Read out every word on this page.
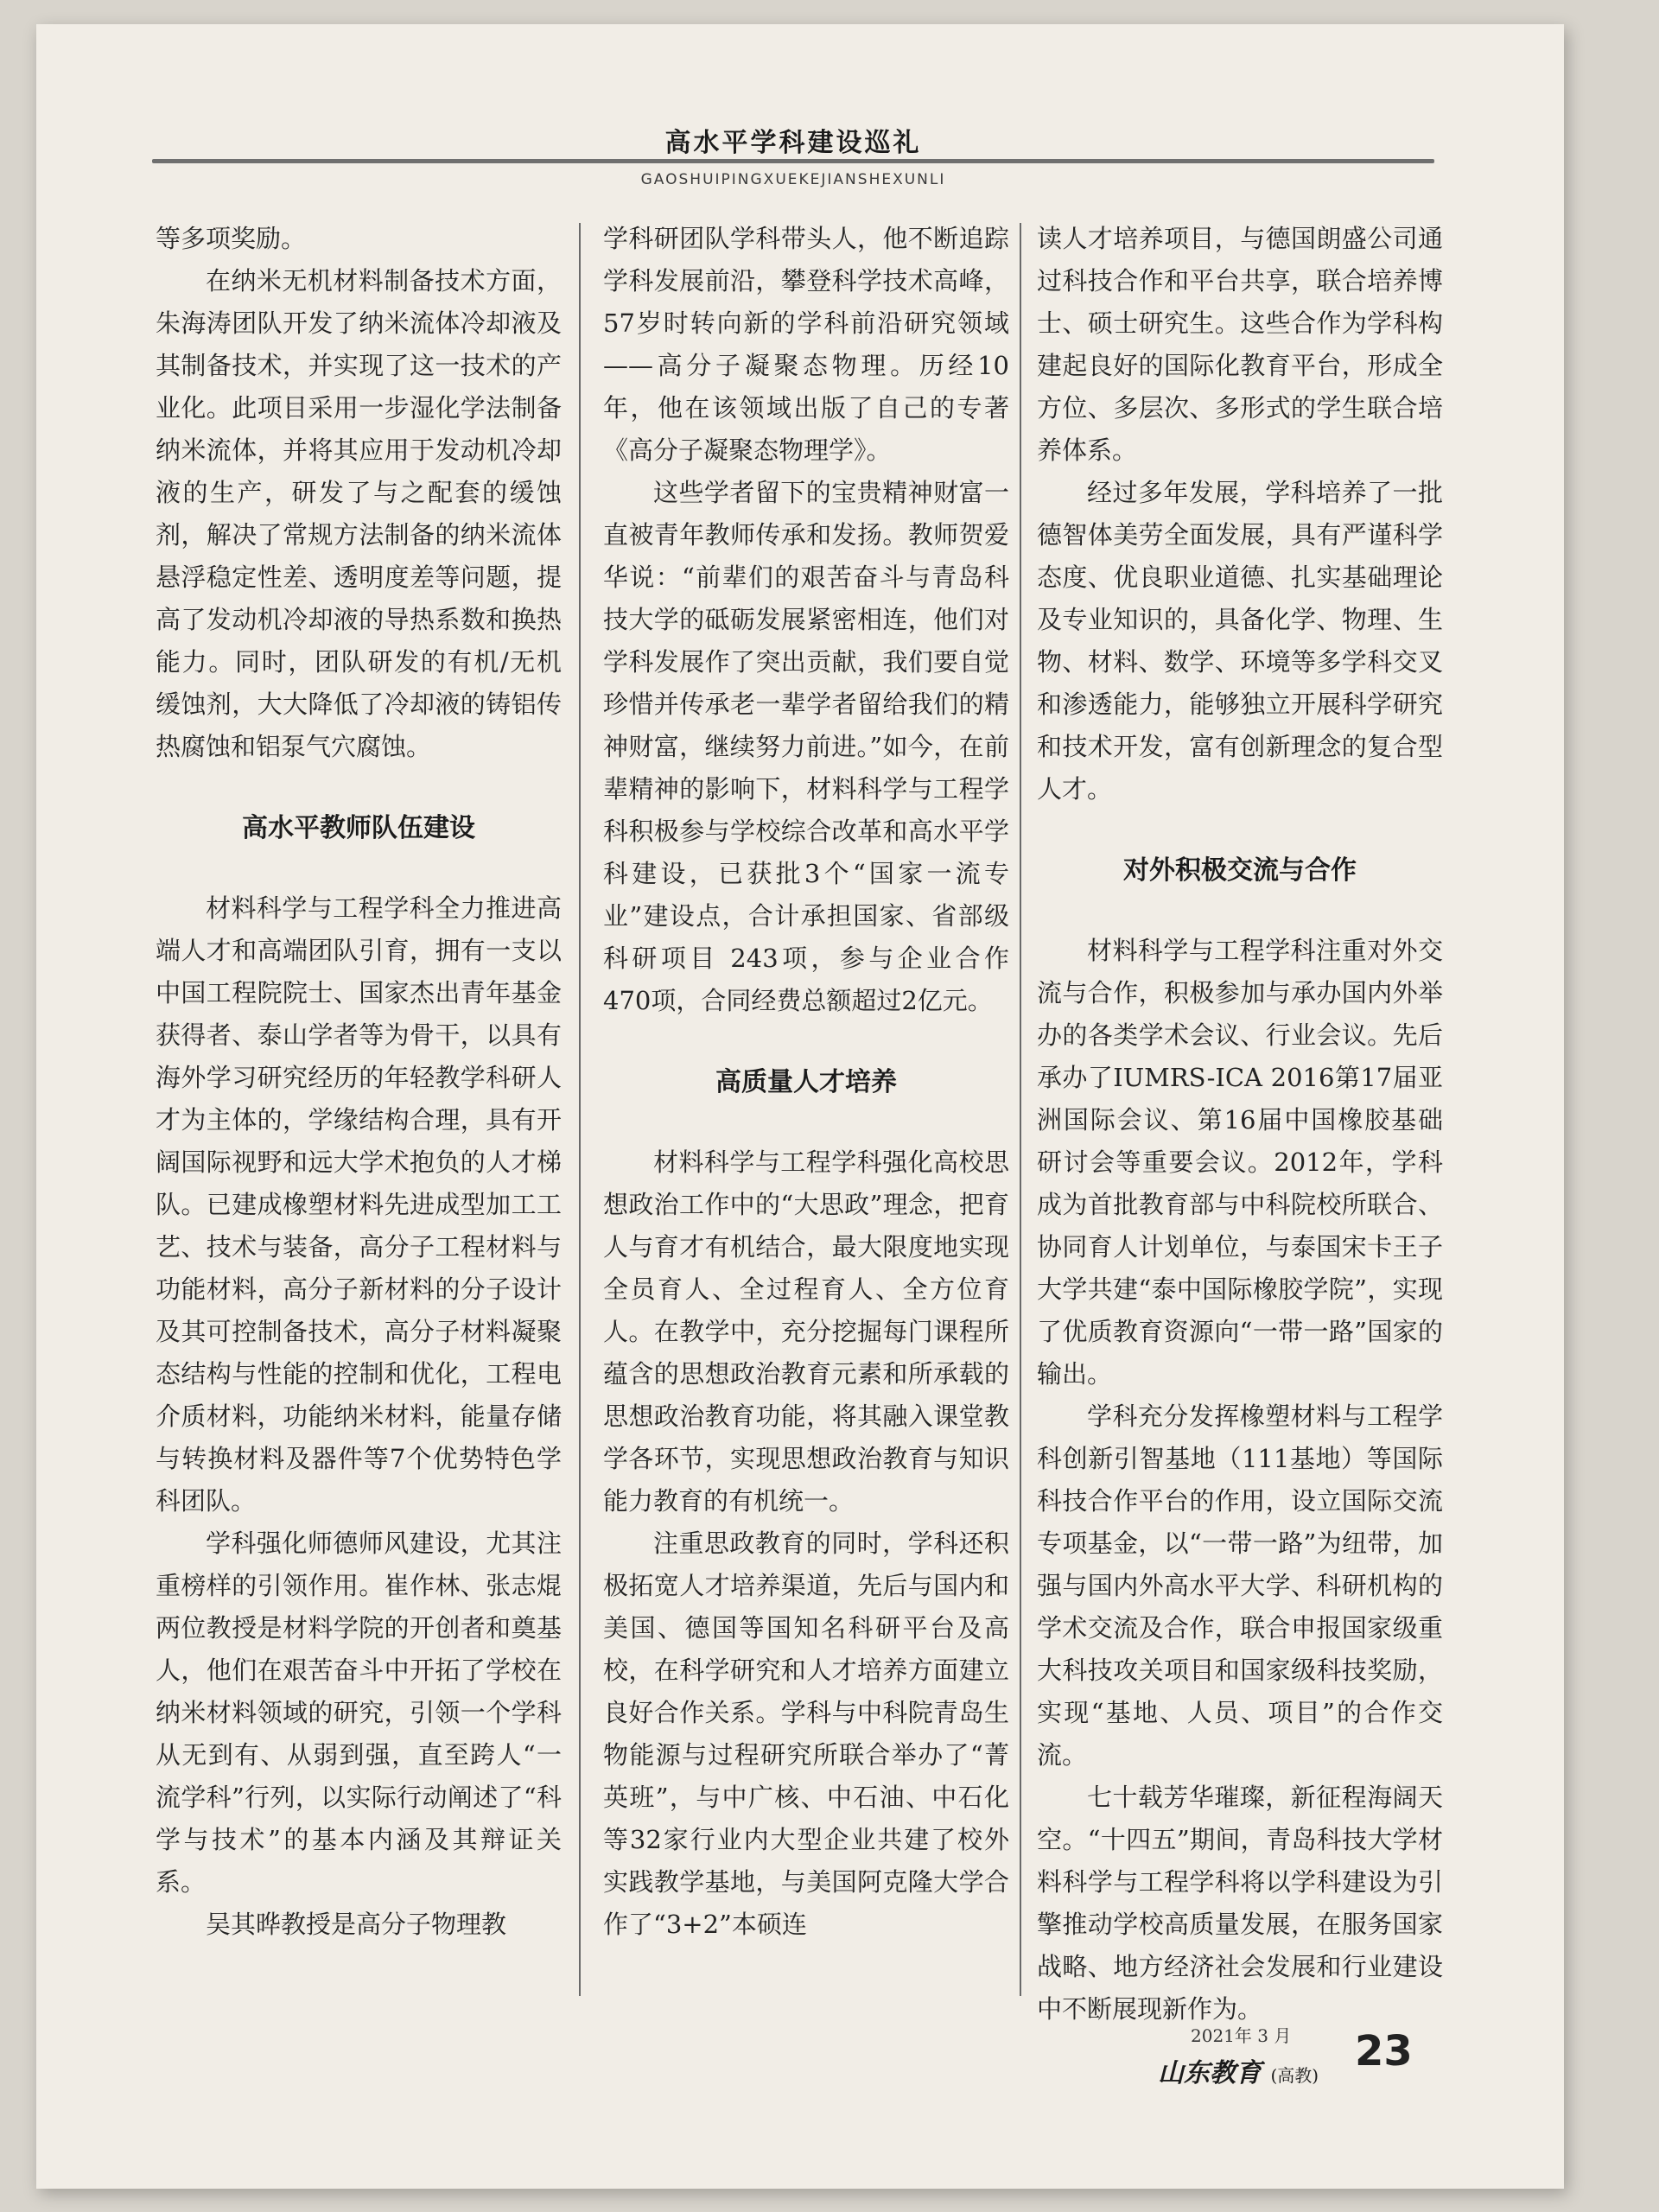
高水平学科建设巡礼
GAOSHUIPINGXUEKEJIANSHEXUNLI

等多项奖励。

在纳米无机材料制备技术方面，朱海涛团队开发了纳米流体冷却液及其制备技术，并实现了这一技术的产业化。此项目采用一步湿化学法制备纳米流体，并将其应用于发动机冷却液的生产，研发了与之配套的缓蚀剂，解决了常规方法制备的纳米流体悬浮稳定性差、透明度差等问题，提高了发动机冷却液的导热系数和换热能力。同时，团队研发的有机/无机缓蚀剂，大大降低了冷却液的铸铝传热腐蚀和铝泵气穴腐蚀。

高水平教师队伍建设

材料科学与工程学科全力推进高端人才和高端团队引育，拥有一支以中国工程院院士、国家杰出青年基金获得者、泰山学者等为骨干，以具有海外学习研究经历的年轻教学科研人才为主体的，学缘结构合理，具有开阔国际视野和远大学术抱负的人才梯队。已建成橡塑材料先进成型加工工艺、技术与装备，高分子工程材料与功能材料，高分子新材料的分子设计及其可控制备技术，高分子材料凝聚态结构与性能的控制和优化，工程电介质材料，功能纳米材料，能量存储与转换材料及器件等7个优势特色学科团队。

学科强化师德师风建设，尤其注重榜样的引领作用。崔作林、张志焜两位教授是材料学院的开创者和奠基人，他们在艰苦奋斗中开拓了学校在纳米材料领域的研究，引领一个学科从无到有、从弱到强，直至跨人“一流学科”行列，以实际行动阐述了“科学与技术”的基本内涵及其辩证关系。

吴其晔教授是高分子物理教

学科研团队学科带头人，他不断追踪学科发展前沿，攀登科学技术高峰，57岁时转向新的学科前沿研究领域——高分子凝聚态物理。历经10年，他在该领域出版了自己的专著《高分子凝聚态物理学》。

这些学者留下的宝贵精神财富一直被青年教师传承和发扬。教师贺爱华说：“前辈们的艰苦奋斗与青岛科技大学的砥砺发展紧密相连，他们对学科发展作了突出贡献，我们要自觉珍惜并传承老一辈学者留给我们的精神财富，继续努力前进。”如今，在前辈精神的影响下，材料科学与工程学科积极参与学校综合改革和高水平学科建设，已获批3个“国家一流专业”建设点，合计承担国家、省部级科研项目 243项，参与企业合作 470项，合同经费总额超过2亿元。

高质量人才培养

材料科学与工程学科强化高校思想政治工作中的“大思政”理念，把育人与育才有机结合，最大限度地实现全员育人、全过程育人、全方位育人。在教学中，充分挖掘每门课程所蕴含的思想政治教育元素和所承载的思想政治教育功能，将其融入课堂教学各环节，实现思想政治教育与知识能力教育的有机统一。

注重思政教育的同时，学科还积极拓宽人才培养渠道，先后与国内和美国、德国等国知名科研平台及高校，在科学研究和人才培养方面建立良好合作关系。学科与中科院青岛生物能源与过程研究所联合举办了“菁英班”，与中广核、中石油、中石化等32家行业内大型企业共建了校外实践教学基地，与美国阿克隆大学合作了“3+2”本硕连

读人才培养项目，与德国朗盛公司通过科技合作和平台共享，联合培养博士、硕士研究生。这些合作为学科构建起良好的国际化教育平台，形成全方位、多层次、多形式的学生联合培养体系。

经过多年发展，学科培养了一批德智体美劳全面发展，具有严谨科学态度、优良职业道德、扎实基础理论及专业知识的，具备化学、物理、生物、材料、数学、环境等多学科交叉和渗透能力，能够独立开展科学研究和技术开发，富有创新理念的复合型人才。

对外积极交流与合作

材料科学与工程学科注重对外交流与合作，积极参加与承办国内外举办的各类学术会议、行业会议。先后承办了IUMRS-ICA 2016第17届亚洲国际会议、第16届中国橡胶基础研讨会等重要会议。2012年，学科成为首批教育部与中科院校所联合、协同育人计划单位，与泰国宋卡王子大学共建“泰中国际橡胶学院”，实现了优质教育资源向“一带一路”国家的输出。

学科充分发挥橡塑材料与工程学科创新引智基地（111基地）等国际科技合作平台的作用，设立国际交流专项基金，以“一带一路”为纽带，加强与国内外高水平大学、科研机构的学术交流及合作，联合申报国家级重大科技攻关项目和国家级科技奖励，实现“基地、人员、项目”的合作交流。

七十载芳华璀璨，新征程海阔天空。“十四五”期间，青岛科技大学材料科学与工程学科将以学科建设为引擎推动学校高质量发展，在服务国家战略、地方经济社会发展和行业建设中不断展现新作为。

2021年 3 月
山东教育 (高教) 23
